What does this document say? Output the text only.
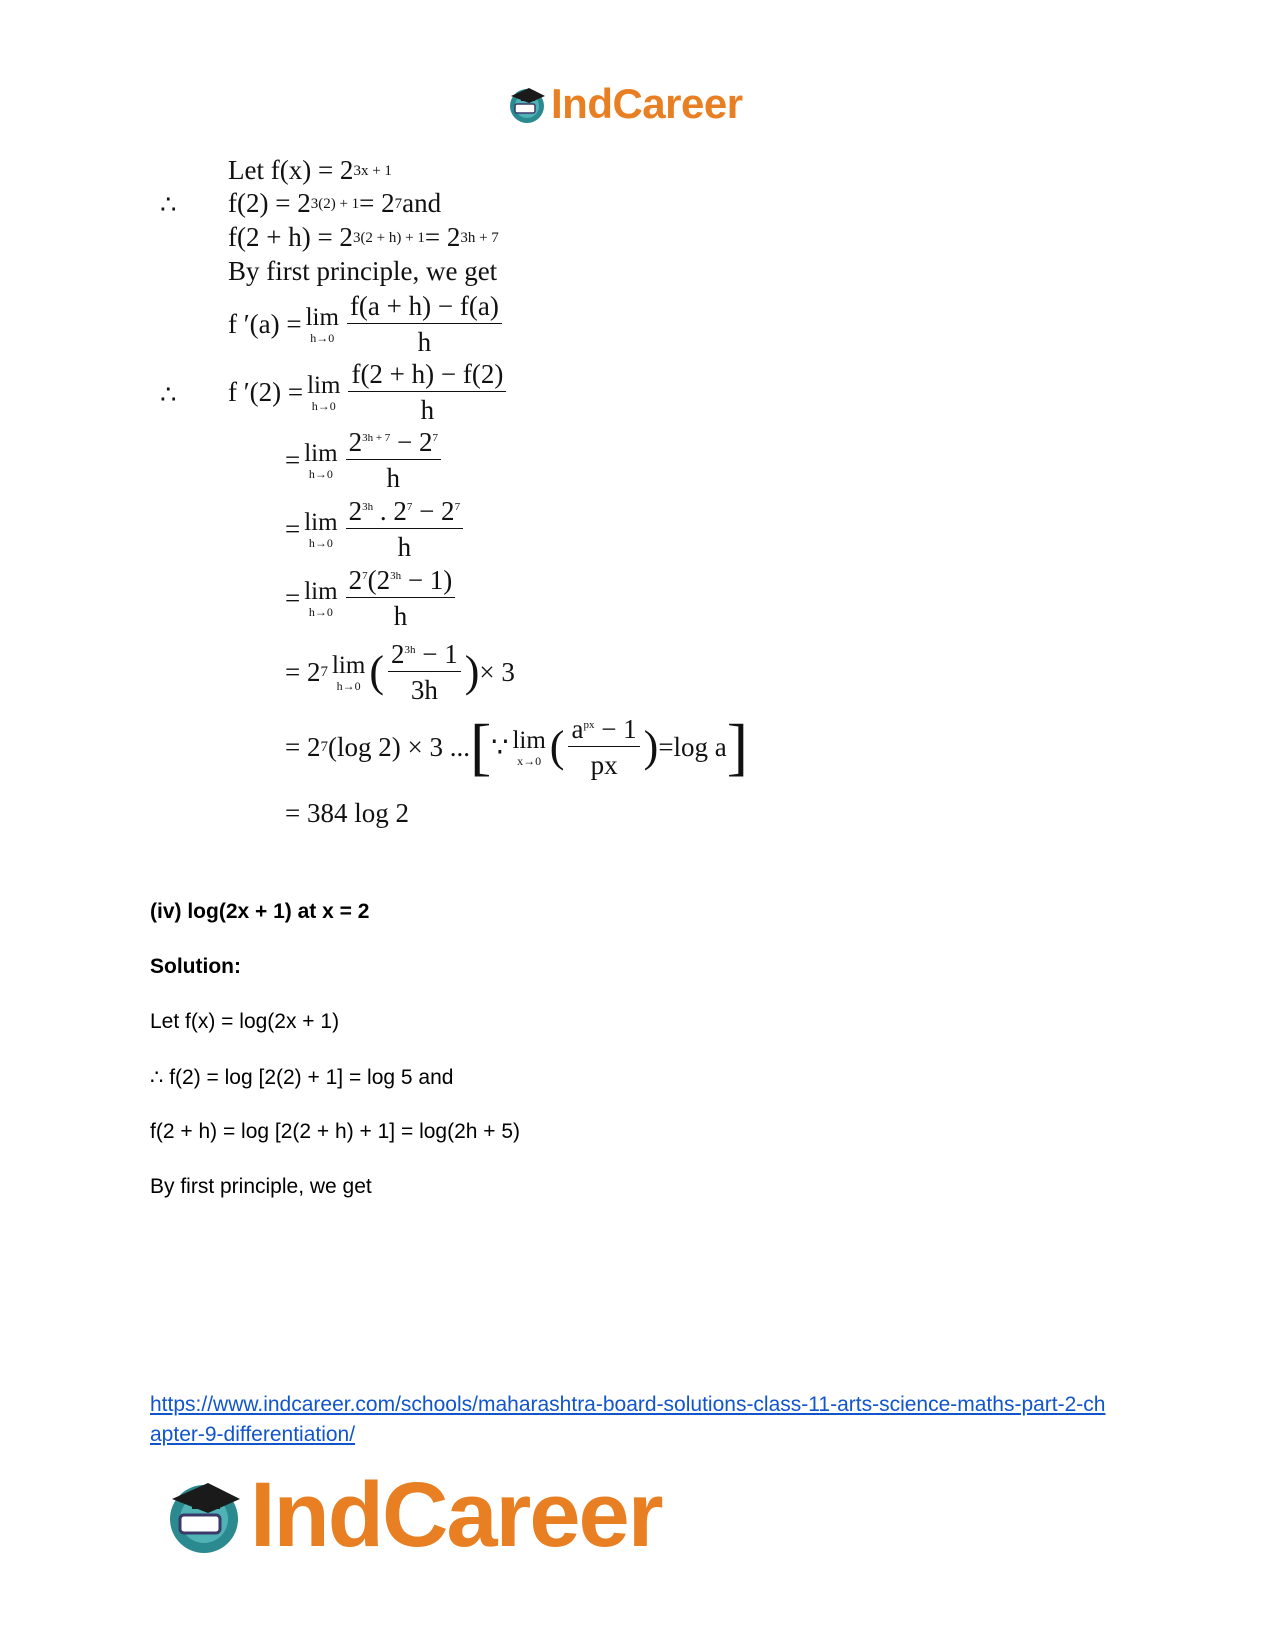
IndCareer
Let f(x) = 2 3x + 1
∴ f(2) = 2 3(2) + 1 = 2 7 and
f(2 + h) = 2 3(2 + h) + 1 = 2 3h + 7
By first principle, we get
f ′(a) = lim
$h\to 0 \frac{f(a + h) - f(a)}{h}$
∴ f ′(2) = lim
$h\to 0 \frac{f(2 + h) - f(2)}{h}$
= lim
$h\to 0 \frac{2^{3h + 7} - 2^7}{h}$
= lim
$h\to 0 \frac{2^{3h} . 2^7 - 2^7}{h}$
= lim
$h\to 0 \frac{2^7(2^{3h} - 1)}{h}$
= 2 7 lim
h→0 ( $\frac{2^{3h} - 1}{3h}$ ) × 3
= 2 7 (log 2) × 3 ... [ ∵ lim
x→0 ( $\frac{a^{px} - 1}{px}$ ) =log a ]
= 384 log 2
(iv) log(2x + 1) at x = 2
Solution:
Let f(x) = log(2x + 1)
∴ f(2) = log [2(2) + 1] = log 5 and
f(2 + h) = log [2(2 + h) + 1] = log(2h + 5)
By first principle, we get
https://www.indcareer.com/schools/maharashtra-board-solutions-class-11-arts-science-maths-part-2-chapter-9-differentiation/
IndCareer
